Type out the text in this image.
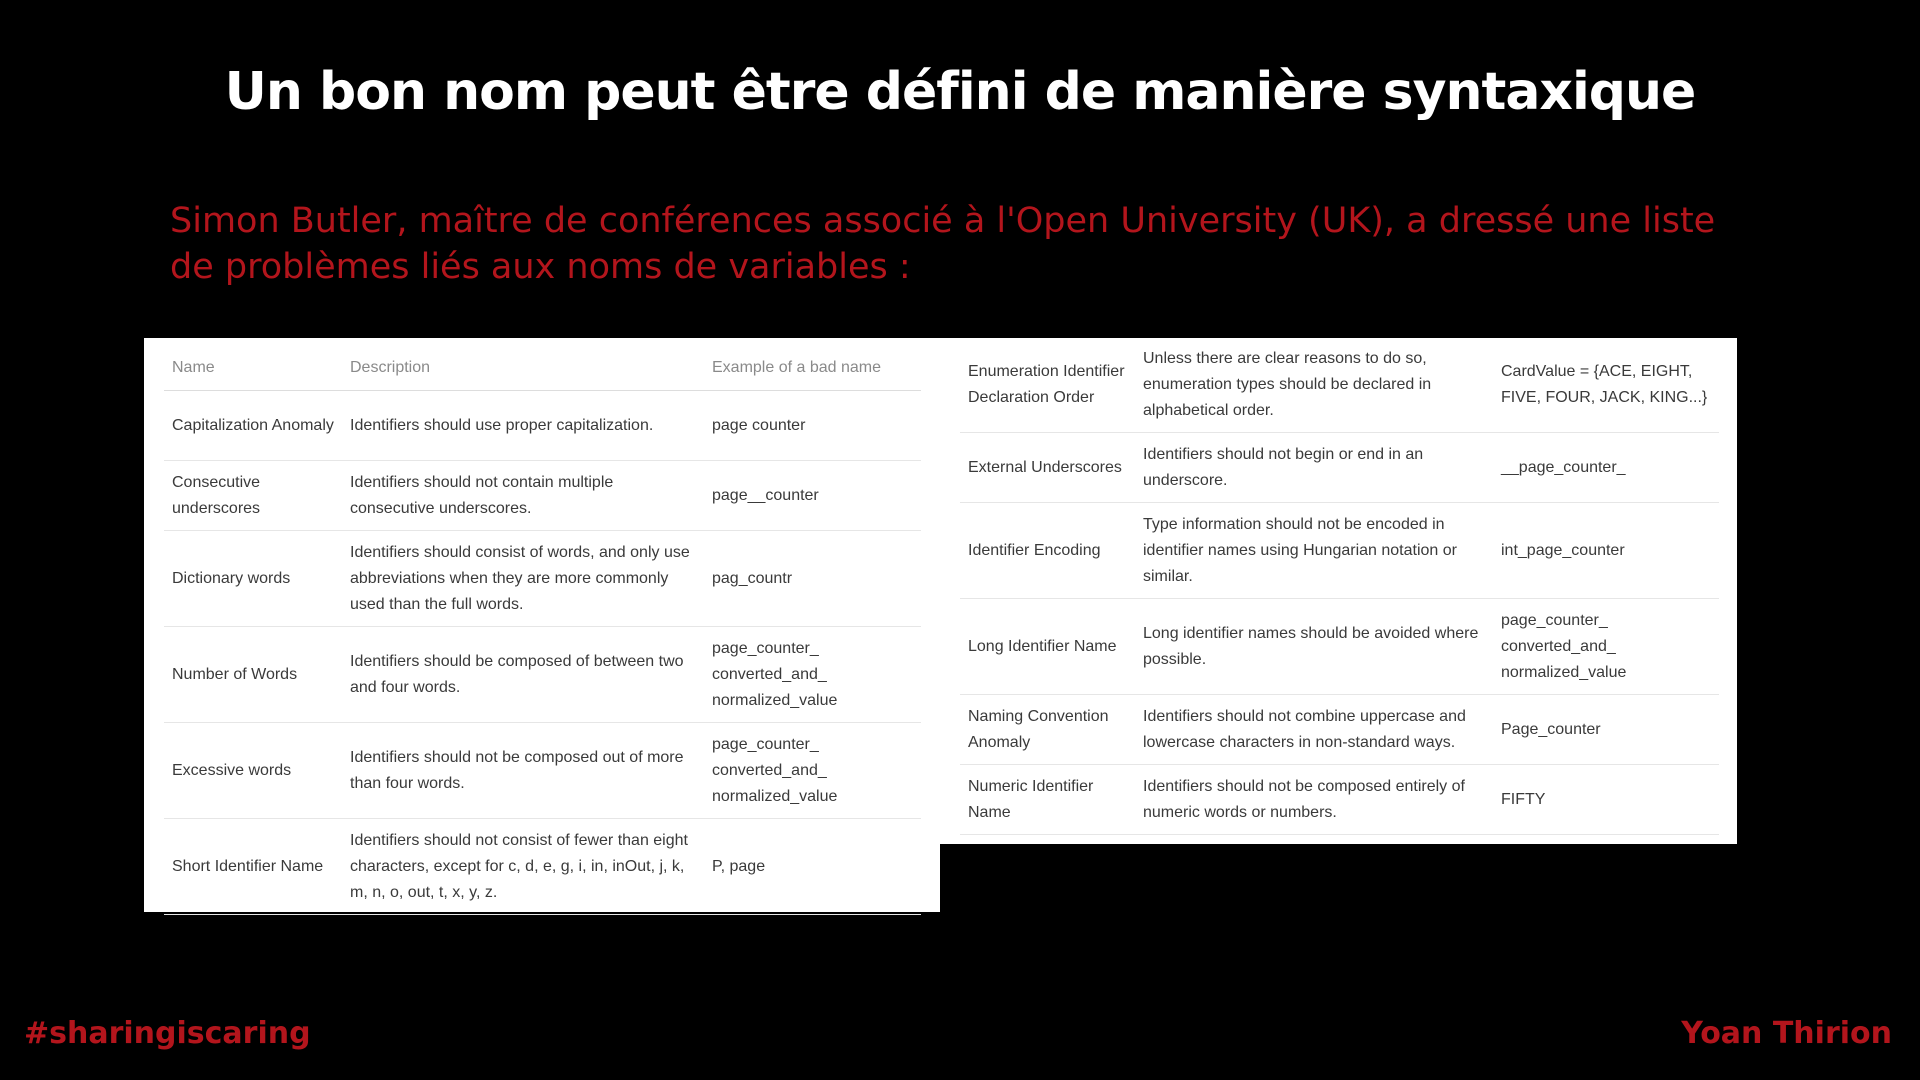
Un bon nom peut être défini de manière syntaxique
Simon Butler, maître de conférences associé à l'Open University (UK), a dressé une liste de problèmes liés aux noms de variables :
Name	Description	Example of a bad name
Capitalization Anomaly	Identifiers should use proper capitalization.	page counter
Consecutive underscores	Identifiers should not contain multiple consecutive underscores.	page__counter
Dictionary words	Identifiers should consist of words, and only use abbreviations when they are more commonly used than the full words.	pag_countr
Number of Words	Identifiers should be composed of between two and four words.	page_counter_ converted_and_ normalized_value
Excessive words	Identifiers should not be composed out of more than four words.	page_counter_ converted_and_ normalized_value
Short Identifier Name	Identifiers should not consist of fewer than eight characters, except for c, d, e, g, i, in, inOut, j, k, m, n, o, out, t, x, y, z.	P, page
Enumeration Identifier Declaration Order	Unless there are clear reasons to do so, enumeration types should be declared in alphabetical order.	CardValue = {ACE, EIGHT, FIVE, FOUR, JACK, KING...}
External Underscores	Identifiers should not begin or end in an underscore.	__page_counter_
Identifier Encoding	Type information should not be encoded in identifier names using Hungarian notation or similar.	int_page_counter
Long Identifier Name	Long identifier names should be avoided where possible.	page_counter_ converted_and_ normalized_value
Naming Convention Anomaly	Identifiers should not combine uppercase and lowercase characters in non-standard ways.	Page_counter
Numeric Identifier Name	Identifiers should not be composed entirely of numeric words or numbers.	FIFTY
#sharingiscaring	Yoan Thirion
